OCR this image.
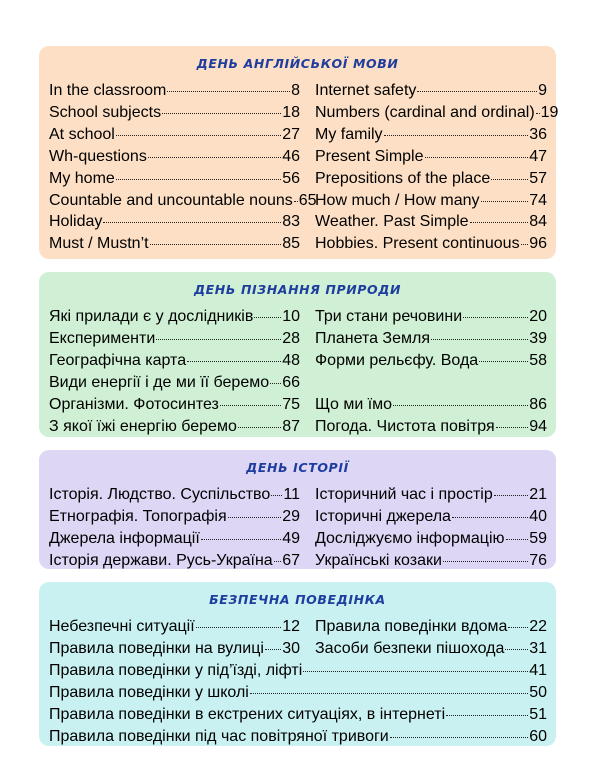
ДЕНЬ АНГЛІЙСЬКОЇ МОВИ
In the classroom	8
School subjects	18
At school	27
Wh-questions	46
My home	56
Countable and uncountable nouns 65
Holiday	83
Must / Mustn’t	85
Internet safety	9
Numbers (cardinal and ordinal) 19
My family	36
Present Simple	47
Prepositions of the place 57
How much / How many	74
Weather. Past Simple	84
Hobbies. Present continuous 96
ДЕНЬ ПІЗНАННЯ ПРИРОДИ
Які прилади є у дослідників 10
Експерименти	28
Географічна карта	48
Види енергії і де ми її беремо 66
Організми. Фотосинтез	75
З якої їжі енергію беремо	87
Три стани речовини	20
Планета Земля	39
Форми рельєфу. Вода	58
Що ми їмо	86
Погода. Чистота повітря 94
ДЕНЬ ІСТОРІЇ
Історія. Людство. Суспільство 11
Етнографія. Топографія	29
Джерела інформації	49
Історія держави. Русь-Україна 67
Історичний час і простір 21
Історичні джерела	40
Досліджуємо інформацію 59
Українські козаки	76
БЕЗПЕЧНА ПОВЕДІНКА
Небезпечні ситуації	12
Правила поведінки на вулиці 30
Правила поведінки вдома 22
Засоби безпеки пішохода 31
Правила поведінки у під’їзді, ліфті	41
Правила поведінки у школі	50
Правила поведінки в екстрених ситуаціях, в інтернеті	51
Правила поведінки під час повітряної тривоги	60
